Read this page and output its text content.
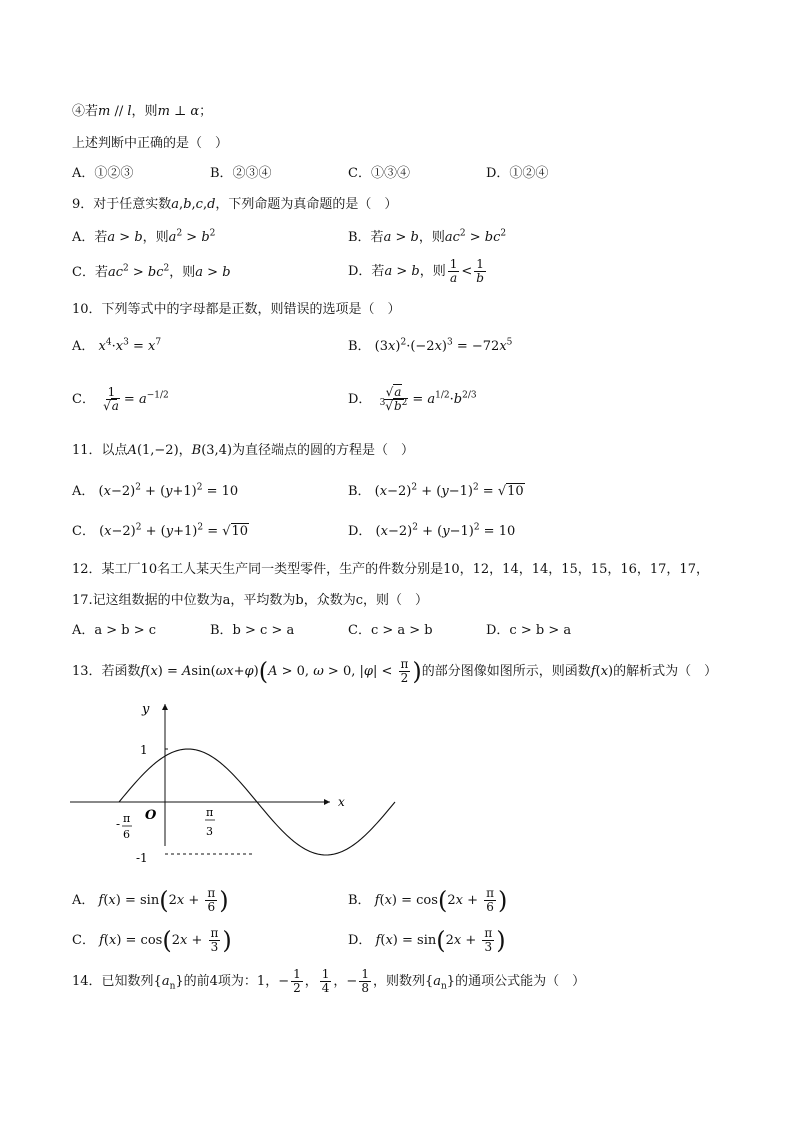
④若m // l，则m ⊥ α；
上述判断中正确的是（　）
A．①②③	B．②③④	C．①③④	D．①②④
9．对于任意实数a,b,c,d，下列命题为真命题的是（　）
A．若a > b，则$a^2 > b^2$	B．若a > b，则$ac^2 > bc^2$
C．若$ac^2 > bc^2$，则a > b	D．若a > b，则 $\frac{1}{a} < \frac{1}{b}$
10．下列等式中的字母都是正数，则错误的选项是（　）
A． $x^4\cdot x^3 = x^7$	B． $(3x)^2\cdot(-2x)^3 = -72x^5$
C． $\frac{1}{√a} = a^{-1/2}$	D． $\frac{√a}{^3√b^2} = a^{1/2}\cdot b^{2/3}$
11．以点A(1,−2)，B(3,4)为直径端点的圆的方程是（　）
A． $(x-2)^2 + (y+1)^2 = 10$	B． $(x-2)^2 + (y-1)^2 = √10$
C． $(x-2)^2 + (y+1)^2 = √10$	D． $(x-2)^2 + (y-1)^2 = 10$
12．某工厂10名工人某天生产同一类型零件，生产的件数分别是10，12，14，14，15，15，16，17，17，
17.记这组数据的中位数为a，平均数为b，众数为c，则（　）
A．a > b > c	B．b > c > a	C．c > a > b	D．c > b > a
13．若函数f(x) = Asin(ωx+φ)(A > 0, ω > 0, $|\varphi| < \frac{\pi}{2}$ )的部分图像如图所示，则函数f(x)的解析式为（　）
y
x
O
1
-1
- π
6
π
3
A． $f(x) = \sin(2x + \frac{\pi}{6}$ )	B． $f(x) = \cos(2x + \frac{\pi}{6}$ )
C． $f(x) = \cos(2x + \frac{\pi}{3}$ )	D． $f(x) = \sin(2x + \frac{\pi}{3}$ )
14．已知数列$\{a_n\}$的前4项为：1，− $\frac{1}{2}$ ， $\frac{1}{4}$ ，− $\frac{1}{8}$ ，则数列$\{a_n\}$的通项公式能为（　）
